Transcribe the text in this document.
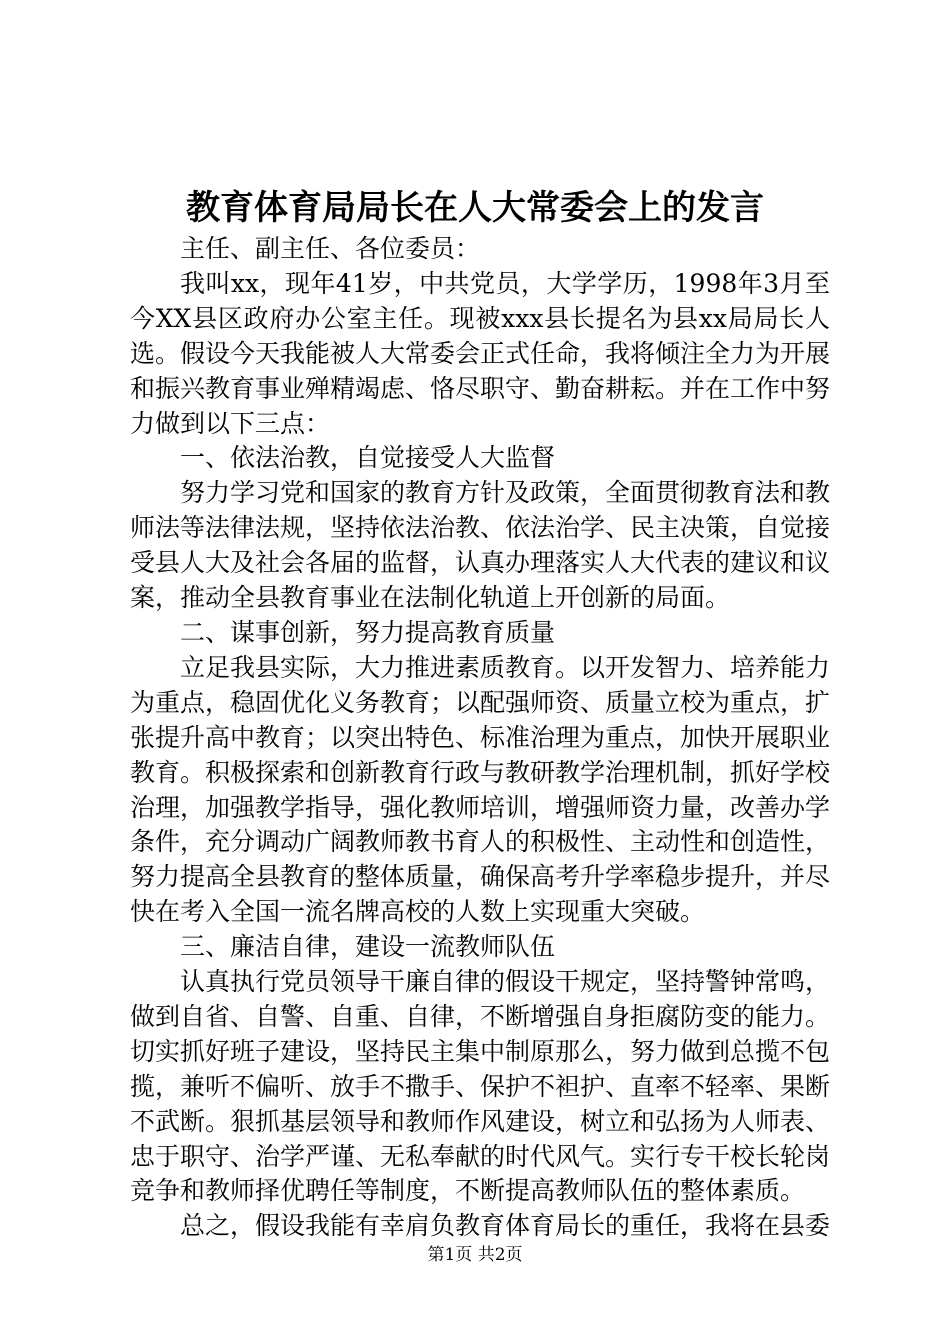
教育体育局局长在人大常委会上的发言

主任、副主任、各位委员：

我叫xx，现年41岁，中共党员，大学学历，1998年3月至今XX县区政府办公室主任。现被xxx县长提名为县xx局局长人选。假设今天我能被人大常委会正式任命，我将倾注全力为开展和振兴教育事业殚精竭虑、恪尽职守、勤奋耕耘。并在工作中努力做到以下三点：

一、依法治教，自觉接受人大监督

努力学习党和国家的教育方针及政策，全面贯彻教育法和教师法等法律法规，坚持依法治教、依法治学、民主决策，自觉接受县人大及社会各届的监督，认真办理落实人大代表的建议和议案，推动全县教育事业在法制化轨道上开创新的局面。

二、谋事创新，努力提高教育质量

立足我县实际，大力推进素质教育。以开发智力、培养能力为重点，稳固优化义务教育；以配强师资、质量立校为重点，扩张提升高中教育；以突出特色、标准治理为重点，加快开展职业教育。积极探索和创新教育行政与教研教学治理机制，抓好学校治理，加强教学指导，强化教师培训，增强师资力量，改善办学条件，充分调动广阔教师教书育人的积极性、主动性和创造性，努力提高全县教育的整体质量，确保高考升学率稳步提升，并尽快在考入全国一流名牌高校的人数上实现重大突破。

三、廉洁自律，建设一流教师队伍

认真执行党员领导干廉自律的假设干规定，坚持警钟常鸣，做到自省、自警、自重、自律，不断增强自身拒腐防变的能力。切实抓好班子建设，坚持民主集中制原那么，努力做到总揽不包揽，兼听不偏听、放手不撒手、保护不袒护、直率不轻率、果断不武断。狠抓基层领导和教师作风建设，树立和弘扬为人师表、忠于职守、治学严谨、无私奉献的时代风气。实行专干校长轮岗竞争和教师择优聘任等制度，不断提高教师队伍的整体素质。

总之，假设我能有幸肩负教育体育局长的重任，我将在县委

第1页 共2页
